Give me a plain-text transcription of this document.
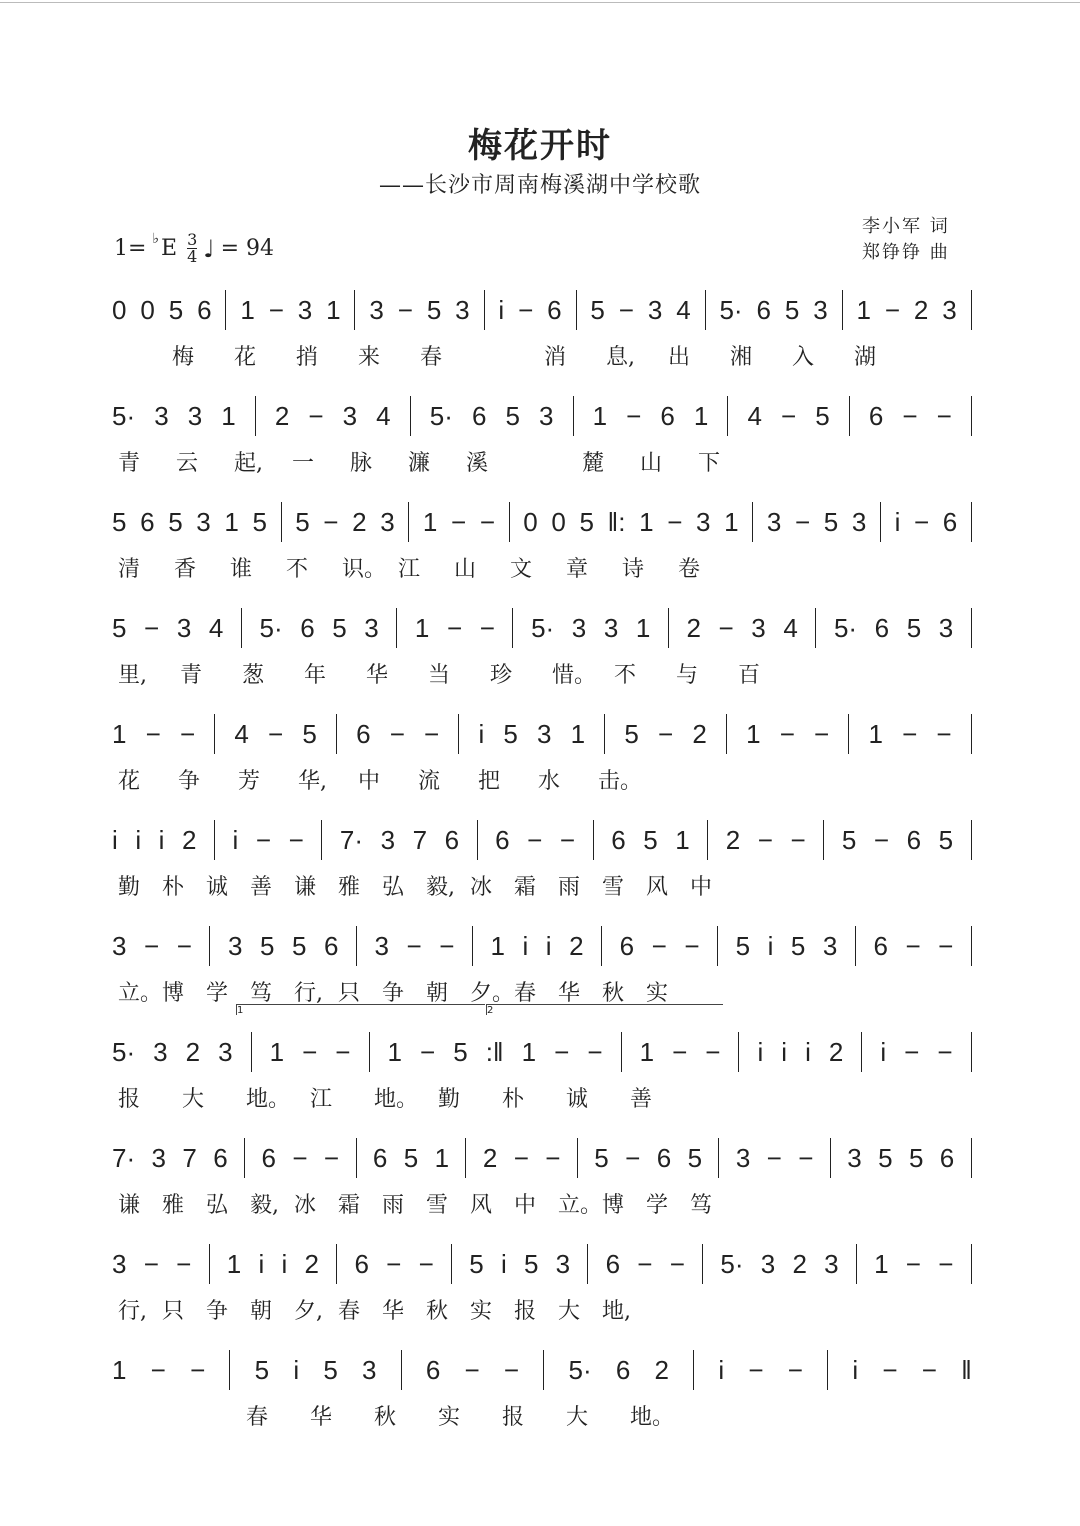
梅花开时
——长沙市周南梅溪湖中学校歌
李小军 词
郑铮铮 曲
1= ♭ E $\frac{3}{4}$ ♩ = 94
0 0 5 6 1 − 3 1 3 − 5 3 i − 6 5 − 3 4 5· 6 5 3 1 − 2 3
梅 花 捎 来 春	消 息, 出 湘 入 湖
5· 3 3 1 2 − 3 4 5· 6 5 3 1 − 6 1 4 − 5 6 − −
青 云 起, 一 脉 濂 溪	麓 山 下
5 6 5 3 1 5 5 − 2 3 1 − − 0 0 5 ‖: 1 − 3 1 3 − 5 3 i − 6
清 香 谁 不 识。 江 山 文 章 诗 卷
5 − 3 4 5· 6 5 3 1 − − 5· 3 3 1 2 − 3 4 5· 6 5 3
里, 青 葱 年 华 当 珍 惜。 不 与 百
1 − − 4 − 5 6 − − i 5 3 1 5 − 2 1 − − 1 − −
花 争 芳 华, 中 流 把 水 击。
i i i 2 i − − 7· 3 7 6 6 − − 6 5 1 2 − − 5 − 6 5
勤 朴 诚 善 谦 雅 弘 毅, 冰 霜 雨 雪 风 中
3 − − 3 5 5 6 3 − − 1 i i 2 6 − − 5 i 5 3 6 − −
立。 博 学 笃 行, 只 争 朝 夕。 春 华 秋 实
5· 3 2 3 1 − − 1 − 5 :‖ 1 − − 1 − − i i i 2 i − −
1	2
报 大 地。 江 地。 勤 朴 诚 善
7· 3 7 6 6 − − 6 5 1 2 − − 5 − 6 5 3 − − 3 5 5 6
谦 雅 弘 毅, 冰 霜 雨 雪 风 中 立。 博 学 笃
3 − − 1 i i 2 6 − − 5 i 5 3 6 − − 5· 3 2 3 1 − −
行, 只 争 朝 夕, 春 华 秋 实 报 大 地,
1 − − 5 i 5 3 6 − − 5· 6 2 i − − i − − ‖
春 华 秋 实 报 大 地。
